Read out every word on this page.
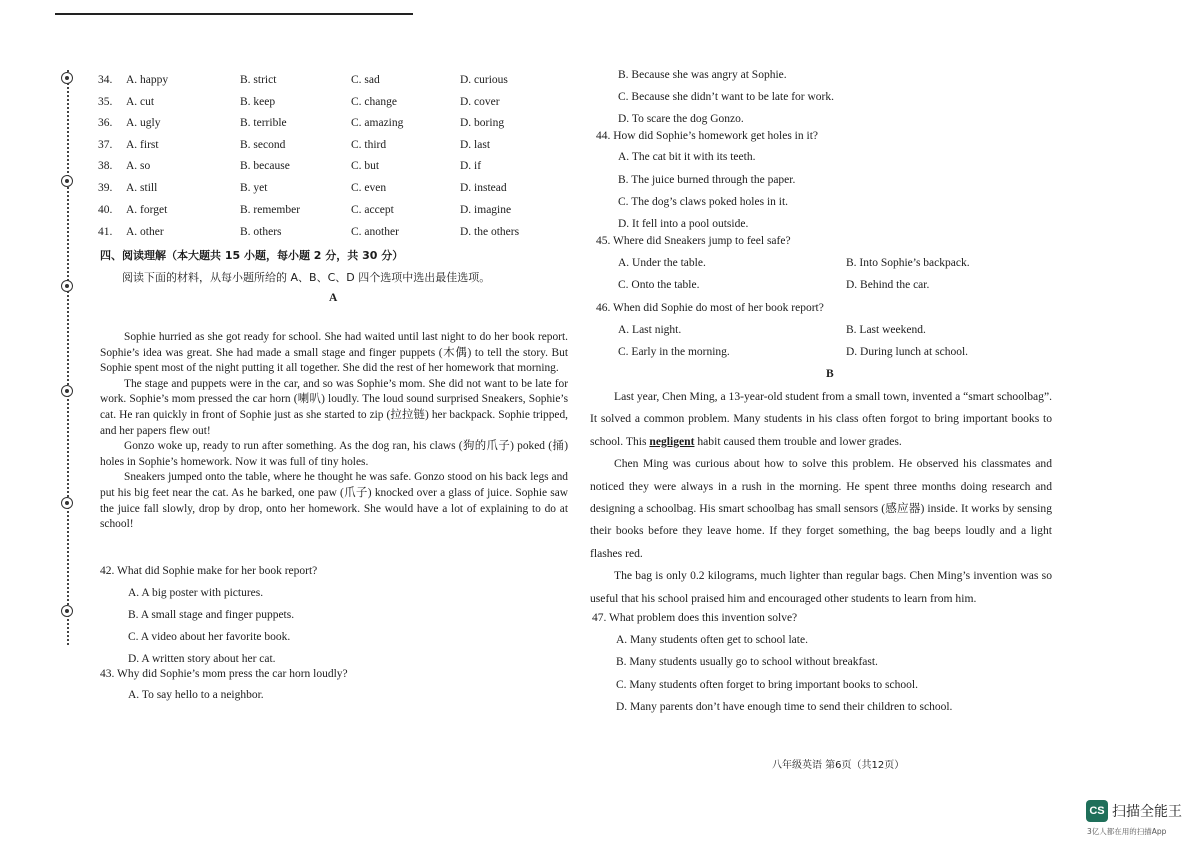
34. A. happy	B. strict	C. sad	D. curious
35. A. cut	B. keep	C. change	D. cover
36. A. ugly	B. terrible	C. amazing	D. boring
37. A. first	B. second	C. third	D. last
38. A. so	B. because	C. but	D. if
39. A. still	B. yet	C. even	D. instead
40. A. forget	B. remember	C. accept	D. imagine
41. A. other	B. others	C. another	D. the others
四、阅读理解（本大题共 15 小题，每小题 2 分，共 30 分）
阅读下面的材料，从每小题所给的 A、B、C、D 四个选项中选出最佳选项。
A

Sophie hurried as she got ready for school. She had waited until last night to do her book report. Sophie’s idea was great. She had made a small stage and finger puppets (木偶) to tell the story. But Sophie spent most of the night putting it all together. She did the rest of her homework that morning.

The stage and puppets were in the car, and so was Sophie’s mom. She did not want to be late for work. Sophie’s mom pressed the car horn (喇叭) loudly. The loud sound surprised Sneakers, Sophie’s cat. He ran quickly in front of Sophie just as she started to zip (拉拉链) her backpack. Sophie tripped, and her papers flew out!

Gonzo woke up, ready to run after something. As the dog ran, his claws (狗的爪子) poked (捅) holes in Sophie’s homework. Now it was full of tiny holes.

Sneakers jumped onto the table, where he thought he was safe. Gonzo stood on his back legs and put his big feet near the cat. As he barked, one paw (爪子) knocked over a glass of juice. Sophie saw the juice fall slowly, drop by drop, onto her homework. She would have a lot of explaining to do at school!

42. What did Sophie make for her book report?
A. A big poster with pictures.
B. A small stage and finger puppets.
C. A video about her favorite book.
D. A written story about her cat.
43. Why did Sophie’s mom press the car horn loudly?
A. To say hello to a neighbor.
B. Because she was angry at Sophie.
C. Because she didn’t want to be late for work.
D. To scare the dog Gonzo.
44. How did Sophie’s homework get holes in it?
A. The cat bit it with its teeth.
B. The juice burned through the paper.
C. The dog’s claws poked holes in it.
D. It fell into a pool outside.
45. Where did Sneakers jump to feel safe?
A. Under the table.	B. Into Sophie’s backpack.
C. Onto the table.	D. Behind the car.
46. When did Sophie do most of her book report?
A. Last night.	B. Last weekend.
C. Early in the morning.	D. During lunch at school.
B

Last year, Chen Ming, a 13-year-old student from a small town, invented a “smart schoolbag”. It solved a common problem. Many students in his class often forgot to bring important books to school. This negligent habit caused them trouble and lower grades.

Chen Ming was curious about how to solve this problem. He observed his classmates and noticed they were always in a rush in the morning. He spent three months doing research and designing a schoolbag. His smart schoolbag has small sensors (感应器) inside. It works by sensing their books before they leave home. If they forget something, the bag beeps loudly and a light flashes red.

The bag is only 0.2 kilograms, much lighter than regular bags. Chen Ming’s invention was so useful that his school praised him and encouraged other students to learn from him.

47. What problem does this invention solve?
A. Many students often get to school late.
B. Many students usually go to school without breakfast.
C. Many students often forget to bring important books to school.
D. Many parents don’t have enough time to send their children to school.
八年级英语 第6页（共12页）
CS 扫描全能王
3亿人都在用的扫描App
